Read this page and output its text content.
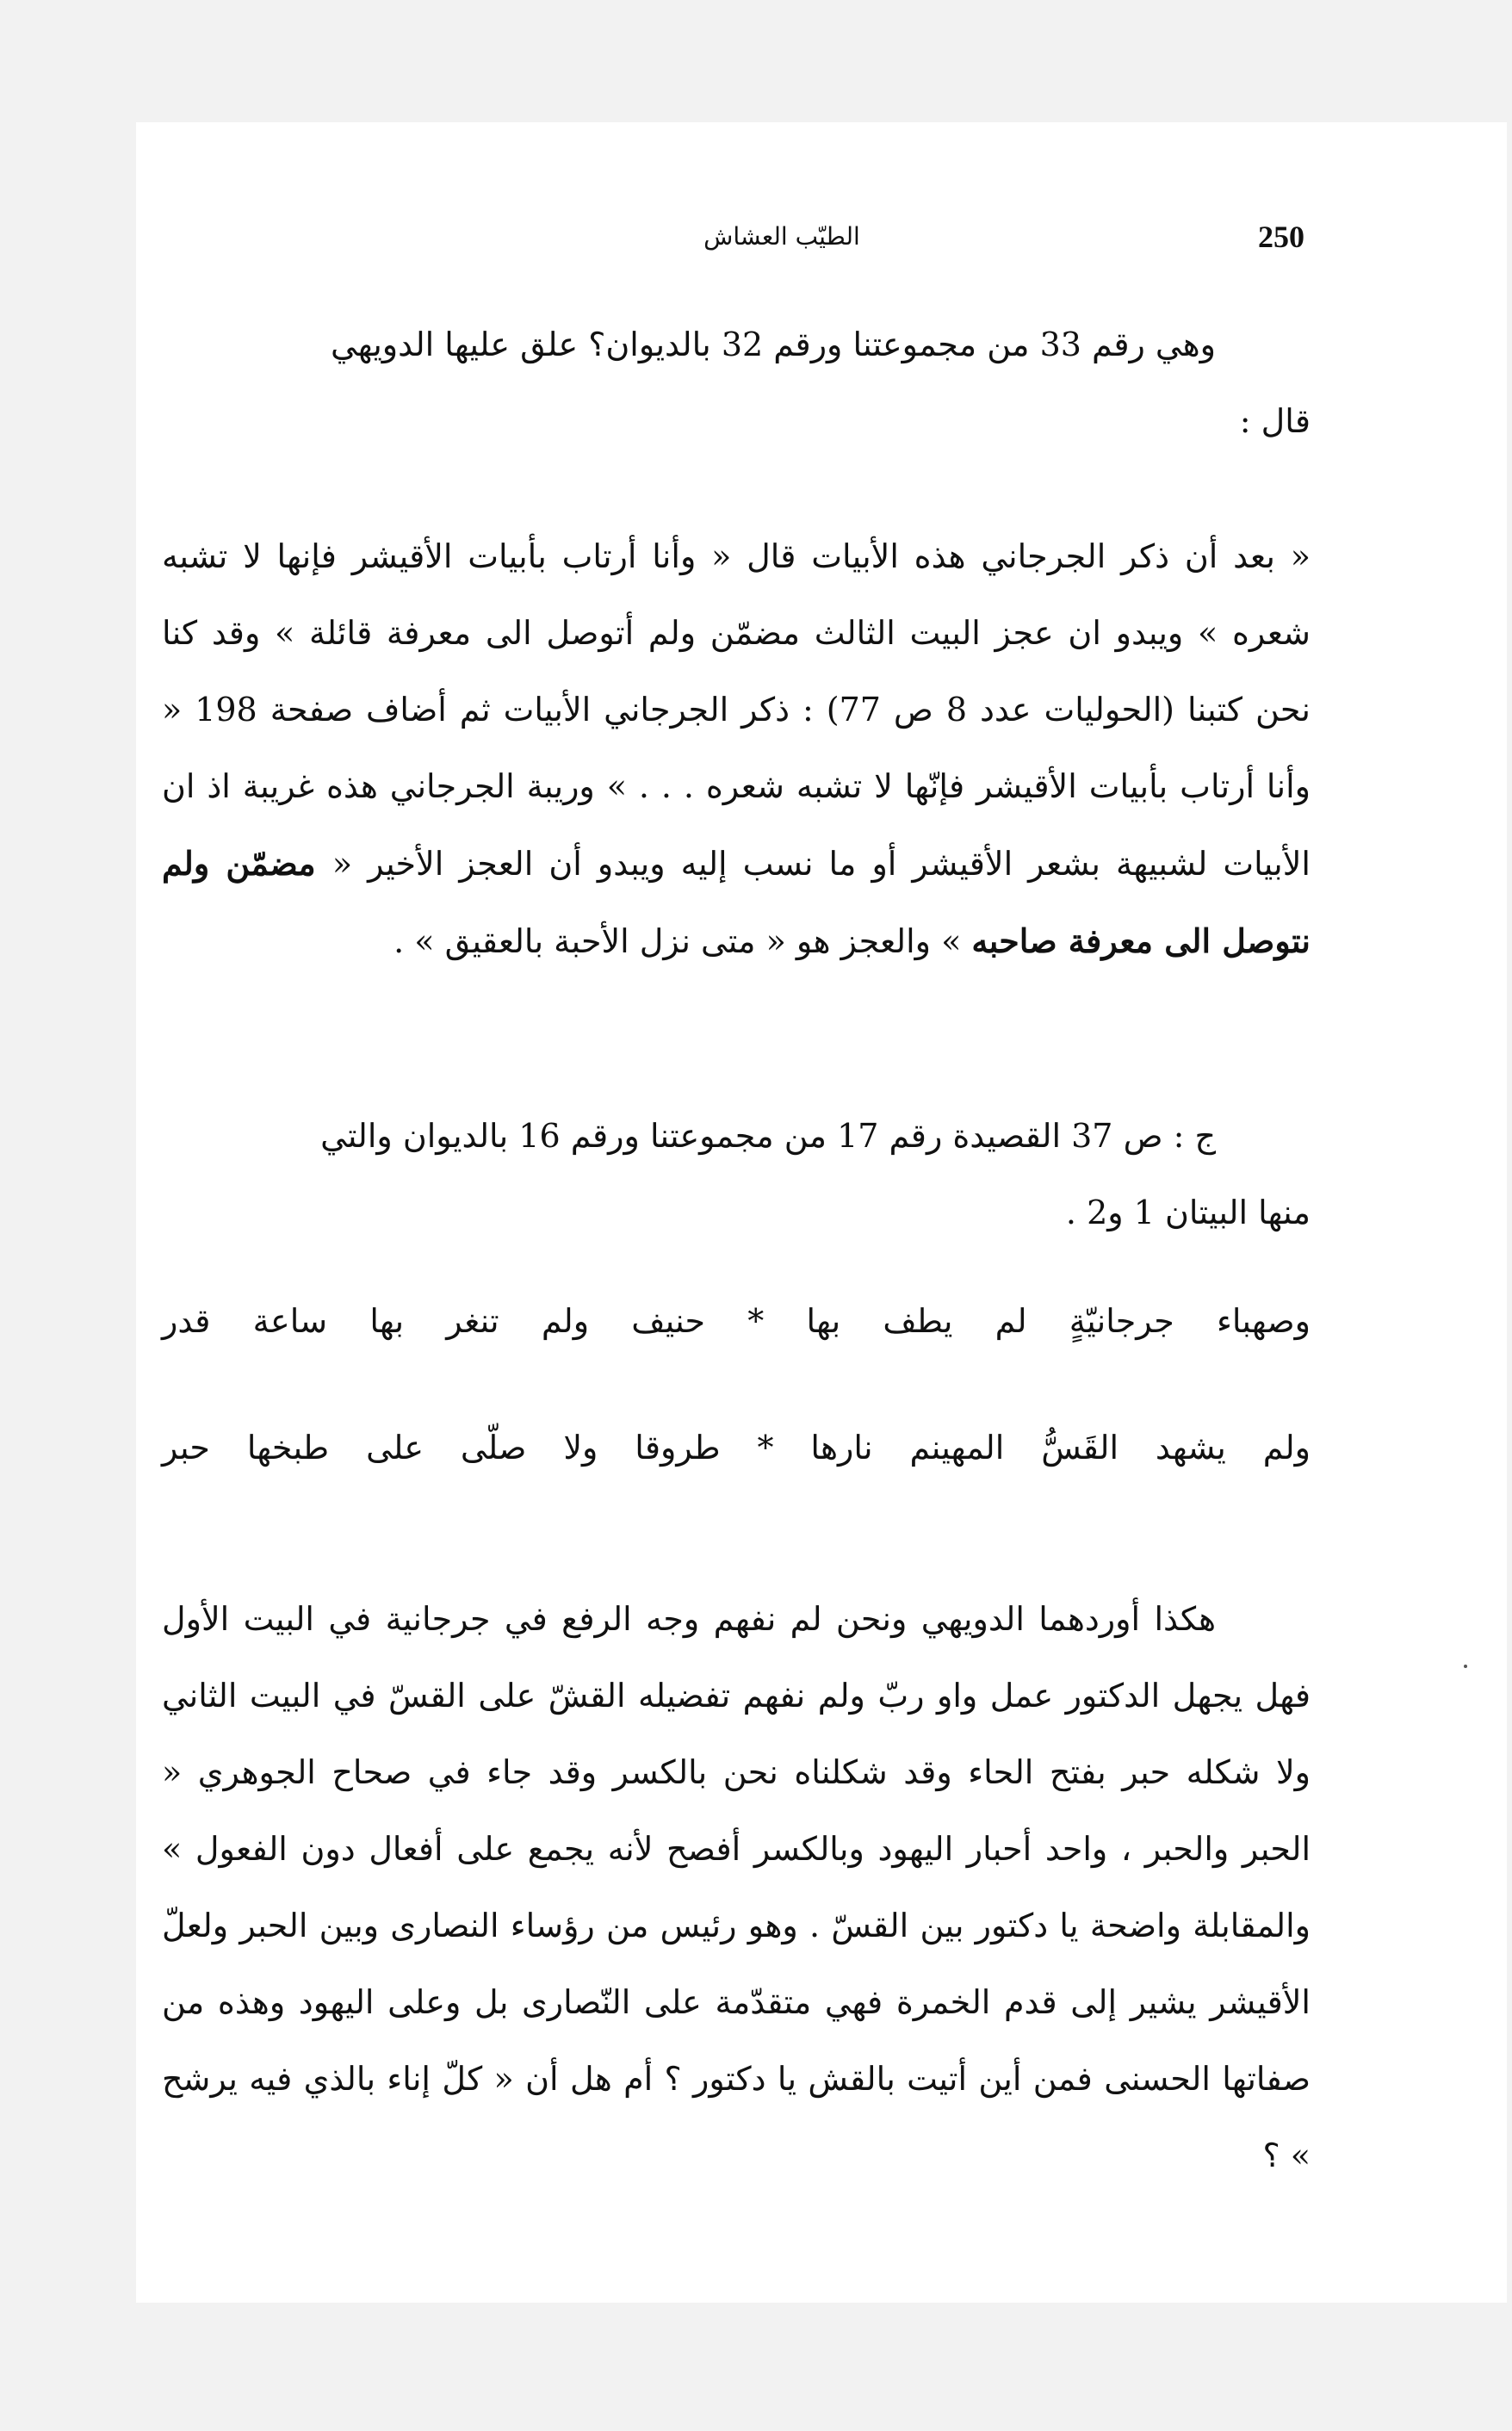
250
الطيّب العشاش

وهي رقم 33 من مجموعتنا ورقم 32 بالديوان؟ علق عليها الدويهي

قال :

« بعد أن ذكر الجرجاني هذه الأبيات قال « وأنا أرتاب بأبيات الأقيشر فإنها لا تشبه شعره » ويبدو ان عجز البيت الثالث مضمّن ولم أتوصل الى معرفة قائلة » وقد كنا نحن كتبنا (الحوليات عدد 8 ص 77) : ذكر الجرجاني الأبيات ثم أضاف صفحة 198 « وأنا أرتاب بأبيات الأقيشر فإنّها لا تشبه شعره . . . » وريبة الجرجاني هذه غريبة اذ ان الأبيات لشبيهة بشعر الأقيشر أو ما نسب إليه ويبدو أن العجز الأخير « مضمّن ولم نتوصل الى معرفة صاحبه » والعجز هو « متى نزل الأحبة بالعقيق » .

ج : ص 37 القصيدة رقم 17 من مجموعتنا ورقم 16 بالديوان والتي

منها البيتان 1 و2 .

وصهباء جرجانيّةٍ لم يطف بها * حنيف ولم تنغر بها ساعة قدر
ولم يشهد القَسُّ المهينم نارها * طروقا ولا صلّى على طبخها حبر

هكذا أوردهما الدويهي ونحن لم نفهم وجه الرفع في جرجانية في البيت الأول فهل يجهل الدكتور عمل واو ربّ ولم نفهم تفضيله القشّ على القسّ في البيت الثاني ولا شكله حبر بفتح الحاء وقد شكلناه نحن بالكسر وقد جاء في صحاح الجوهري « الحبر والحبر ، واحد أحبار اليهود وبالكسر أفصح لأنه يجمع على أفعال دون الفعول » والمقابلة واضحة يا دكتور بين القسّ . وهو رئيس من رؤساء النصارى وبين الحبر ولعلّ الأقيشر يشير إلى قدم الخمرة فهي متقدّمة على النّصارى بل وعلى اليهود وهذه من صفاتها الحسنى فمن أين أتيت بالقش يا دكتور ؟ أم هل أن « كلّ إناء بالذي فيه يرشح » ؟
